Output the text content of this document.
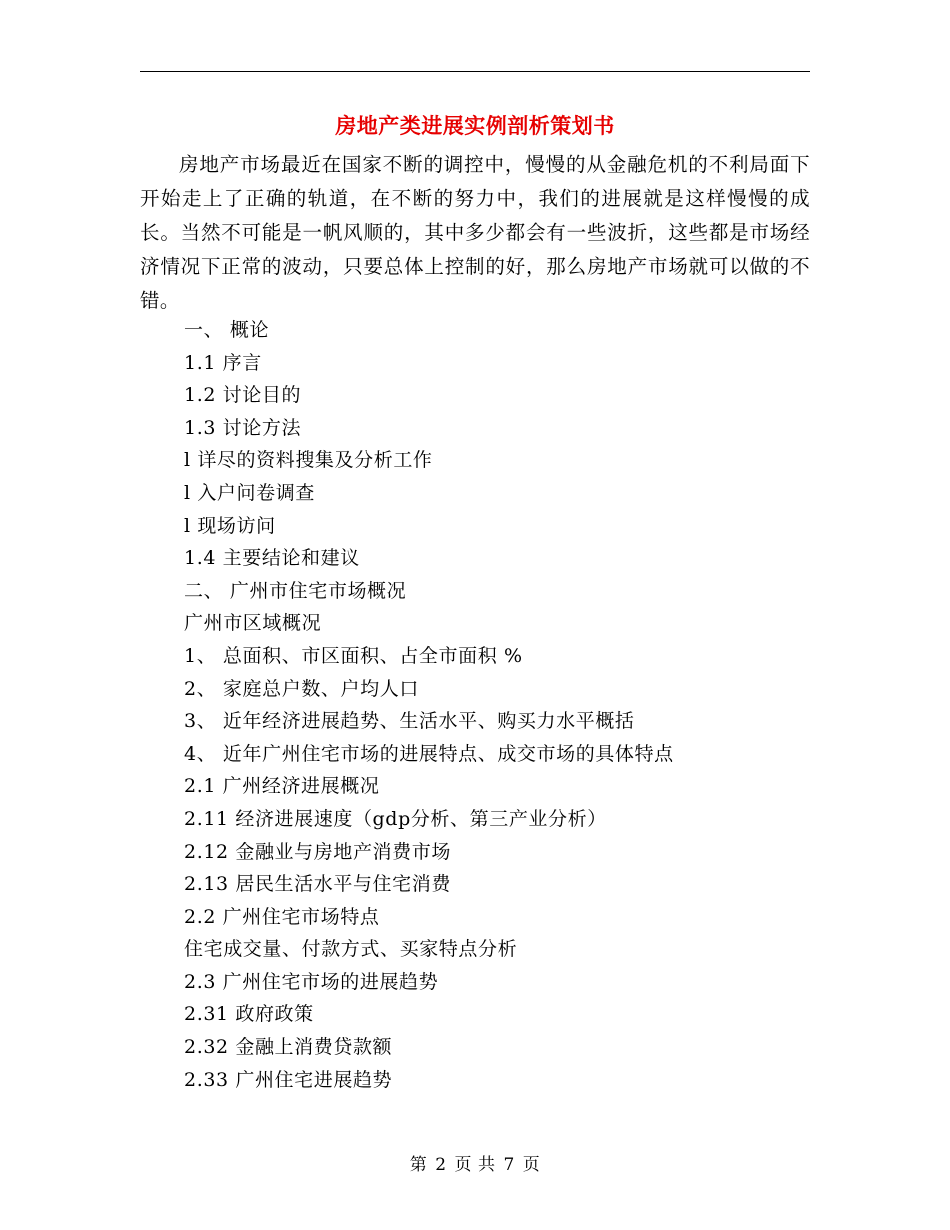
房地产类进展实例剖析策划书

房地产市场最近在国家不断的调控中，慢慢的从金融危机的不利局面下开始走上了正确的轨道，在不断的努力中，我们的进展就是这样慢慢的成长。当然不可能是一帆风顺的，其中多少都会有一些波折，这些都是市场经济情况下正常的波动，只要总体上控制的好，那么房地产市场就可以做的不错。

一、 概论
1.1 序言
1.2 讨论目的
1.3 讨论方法
l 详尽的资料搜集及分析工作
l 入户问卷调查
l 现场访问
1.4 主要结论和建议
二、 广州市住宅市场概况
广州市区域概况
1、 总面积、市区面积、占全市面积 %
2、 家庭总户数、户均人口
3、 近年经济进展趋势、生活水平、购买力水平概括
4、 近年广州住宅市场的进展特点、成交市场的具体特点
2.1 广州经济进展概况
2.11 经济进展速度（gdp分析、第三产业分析）
2.12 金融业与房地产消费市场
2.13 居民生活水平与住宅消费
2.2 广州住宅市场特点
住宅成交量、付款方式、买家特点分析
2.3 广州住宅市场的进展趋势
2.31 政府政策
2.32 金融上消费贷款额
2.33 广州住宅进展趋势
第 2 页 共 7 页
